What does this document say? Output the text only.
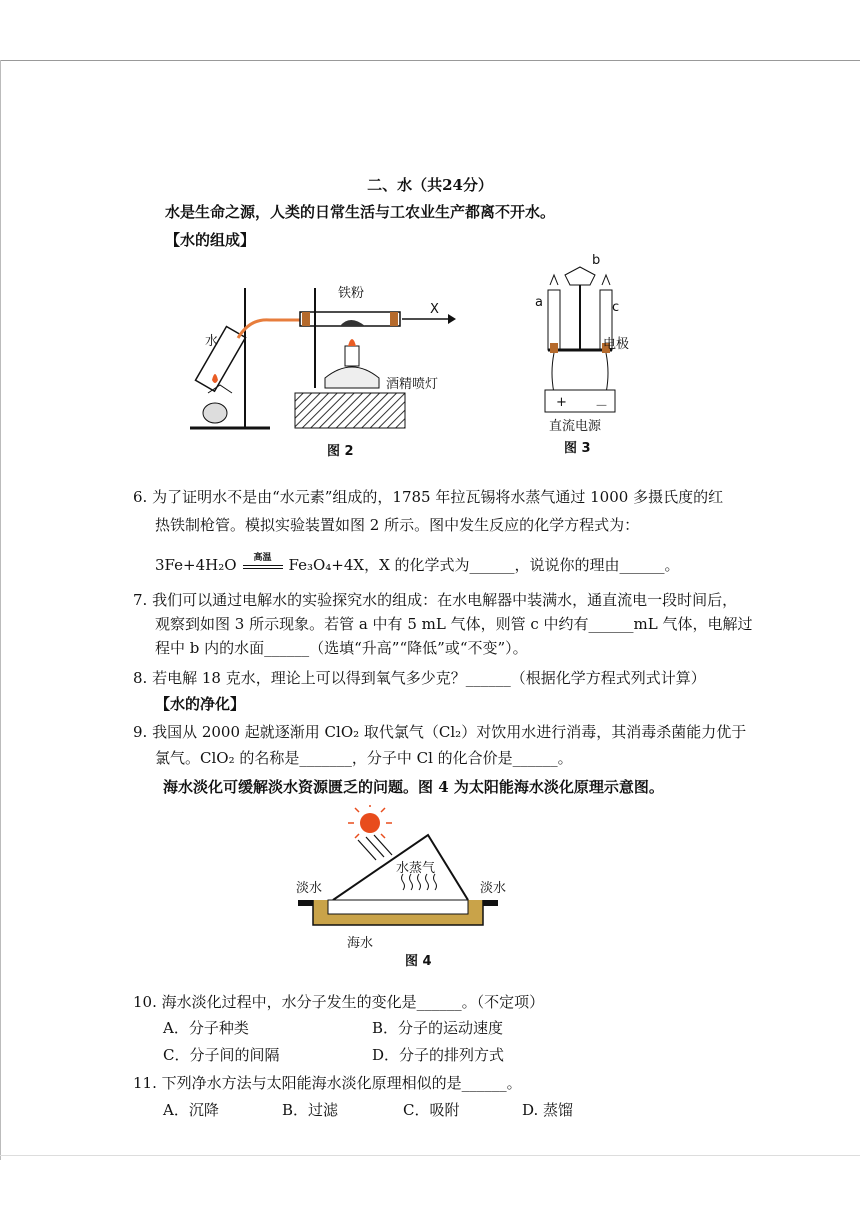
二、水（共24分）
水是生命之源，人类的日常生活与工农业生产都离不开水。
【水的组成】
水
铁粉
X
酒精喷灯
图 2
a
b
c
电极
+ －
直流电源
图 3
6. 为了证明水不是由“水元素”组成的，1785 年拉瓦锡将水蒸气通过 1000 多摄氏度的红
热铁制枪管。模拟实验装置如图 2 所示。图中发生反应的化学方程式为：
3Fe+4H₂O	高温	Fe₃O₄+4X，X 的化学式为______，说说你的理由______。
7. 我们可以通过电解水的实验探究水的组成：在水电解器中装满水，通直流电一段时间后，
观察到如图 3 所示现象。若管 a 中有 5 mL 气体，则管 c 中约有______mL 气体，电解过
程中 b 内的水面______（选填“升高”“降低”或“不变”）。
8. 若电解 18 克水，理论上可以得到氧气多少克？______（根据化学方程式列式计算）
【水的净化】
9. 我国从 2000 起就逐渐用 ClO₂ 取代氯气（Cl₂）对饮用水进行消毒，其消毒杀菌能力优于
氯气。ClO₂ 的名称是_______，分子中 Cl 的化合价是______。
海水淡化可缓解淡水资源匮乏的问题。图 4 为太阳能海水淡化原理示意图。
水蒸气
淡水	淡水
海水
图 4
10. 海水淡化过程中，水分子发生的变化是______。（不定项）
A．分子种类	B．分子的运动速度
C．分子间的间隔	D．分子的排列方式
11. 下列净水方法与太阳能海水淡化原理相似的是______。
A．沉降	B．过滤	C．吸附	D. 蒸馏
